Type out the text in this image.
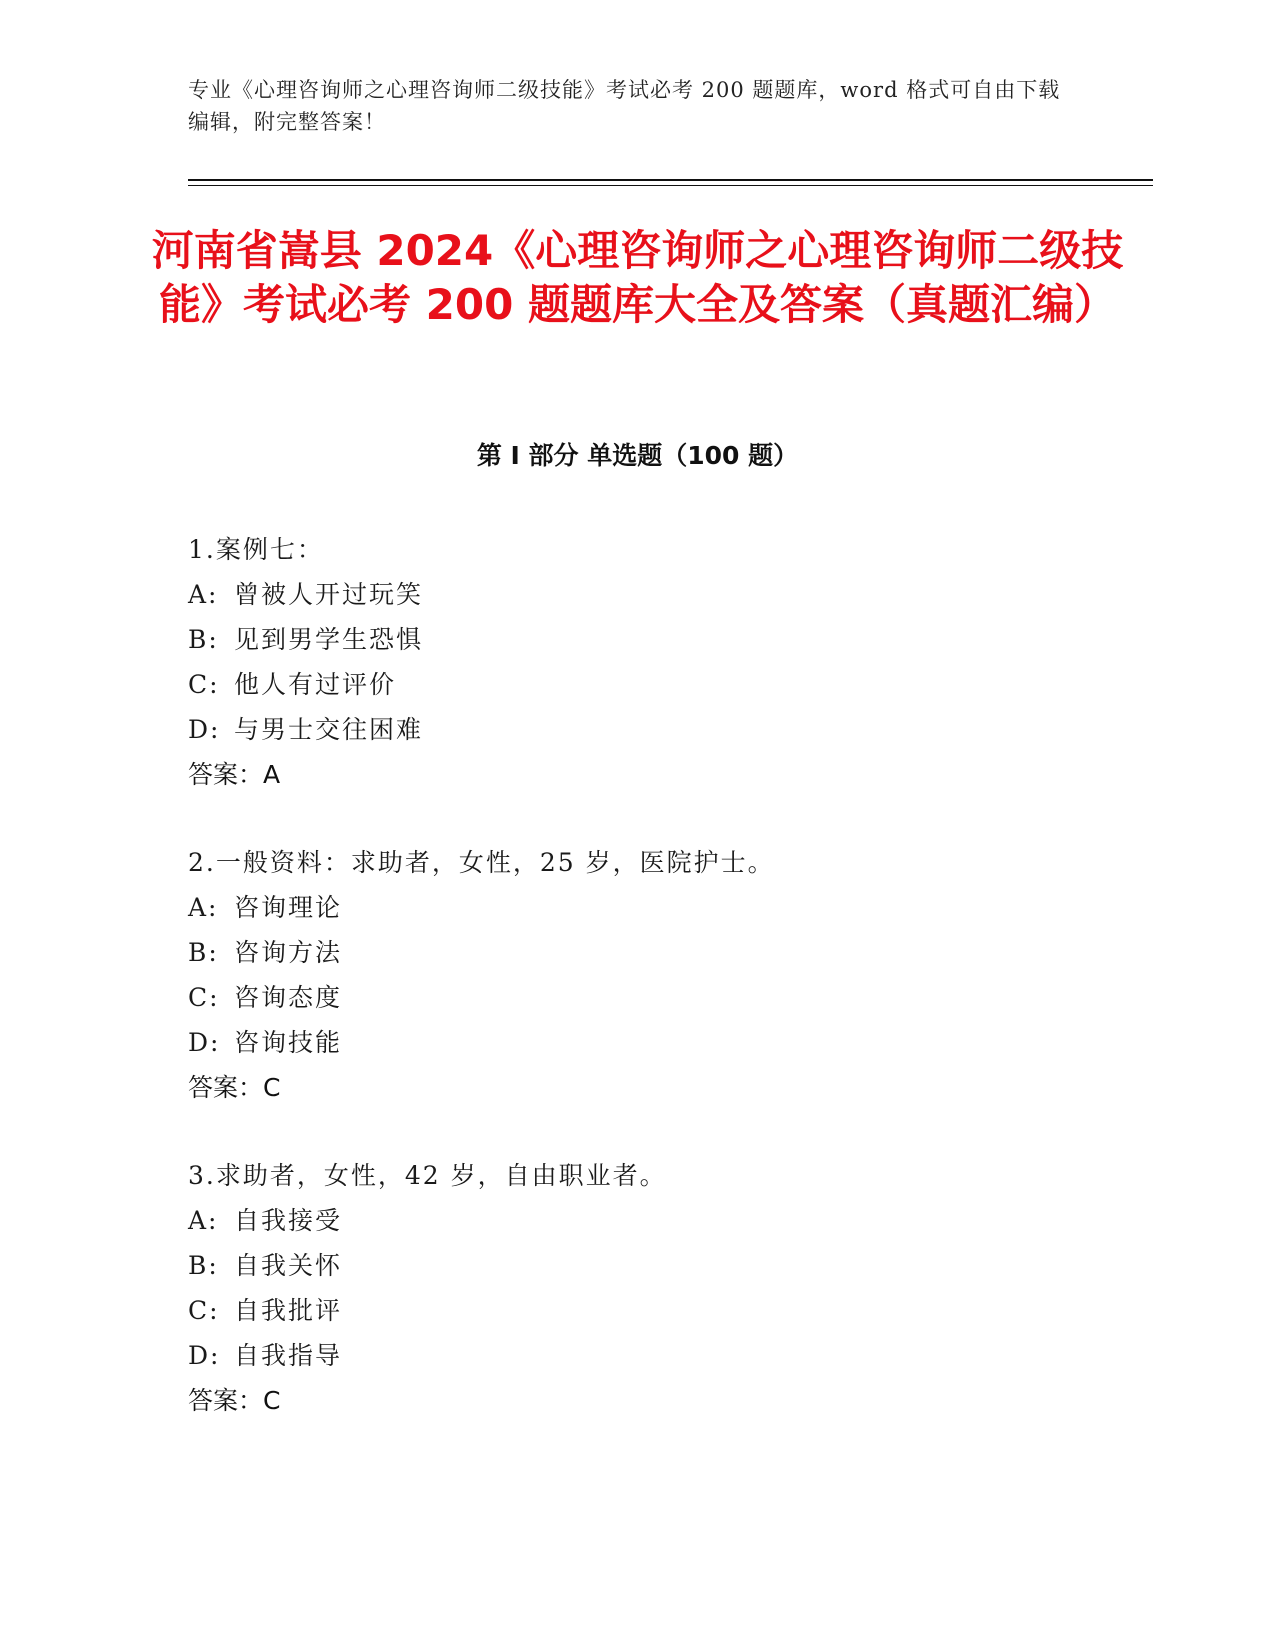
专业《心理咨询师之心理咨询师二级技能》考试必考 200 题题库，word 格式可自由下载编辑，附完整答案！

河南省嵩县 2024《心理咨询师之心理咨询师二级技能》考试必考 200 题题库大全及答案（真题汇编）
第 I 部分 单选题（100 题）

1.案例七：

A: 曾被人开过玩笑

B: 见到男学生恐惧

C: 他人有过评价

D: 与男士交往困难

答案：A

2.一般资料：求助者，女性，25 岁，医院护士。

A: 咨询理论

B: 咨询方法

C: 咨询态度

D: 咨询技能

答案：C

3.求助者，女性，42 岁，自由职业者。

A: 自我接受

B: 自我关怀

C: 自我批评

D: 自我指导

答案：C
